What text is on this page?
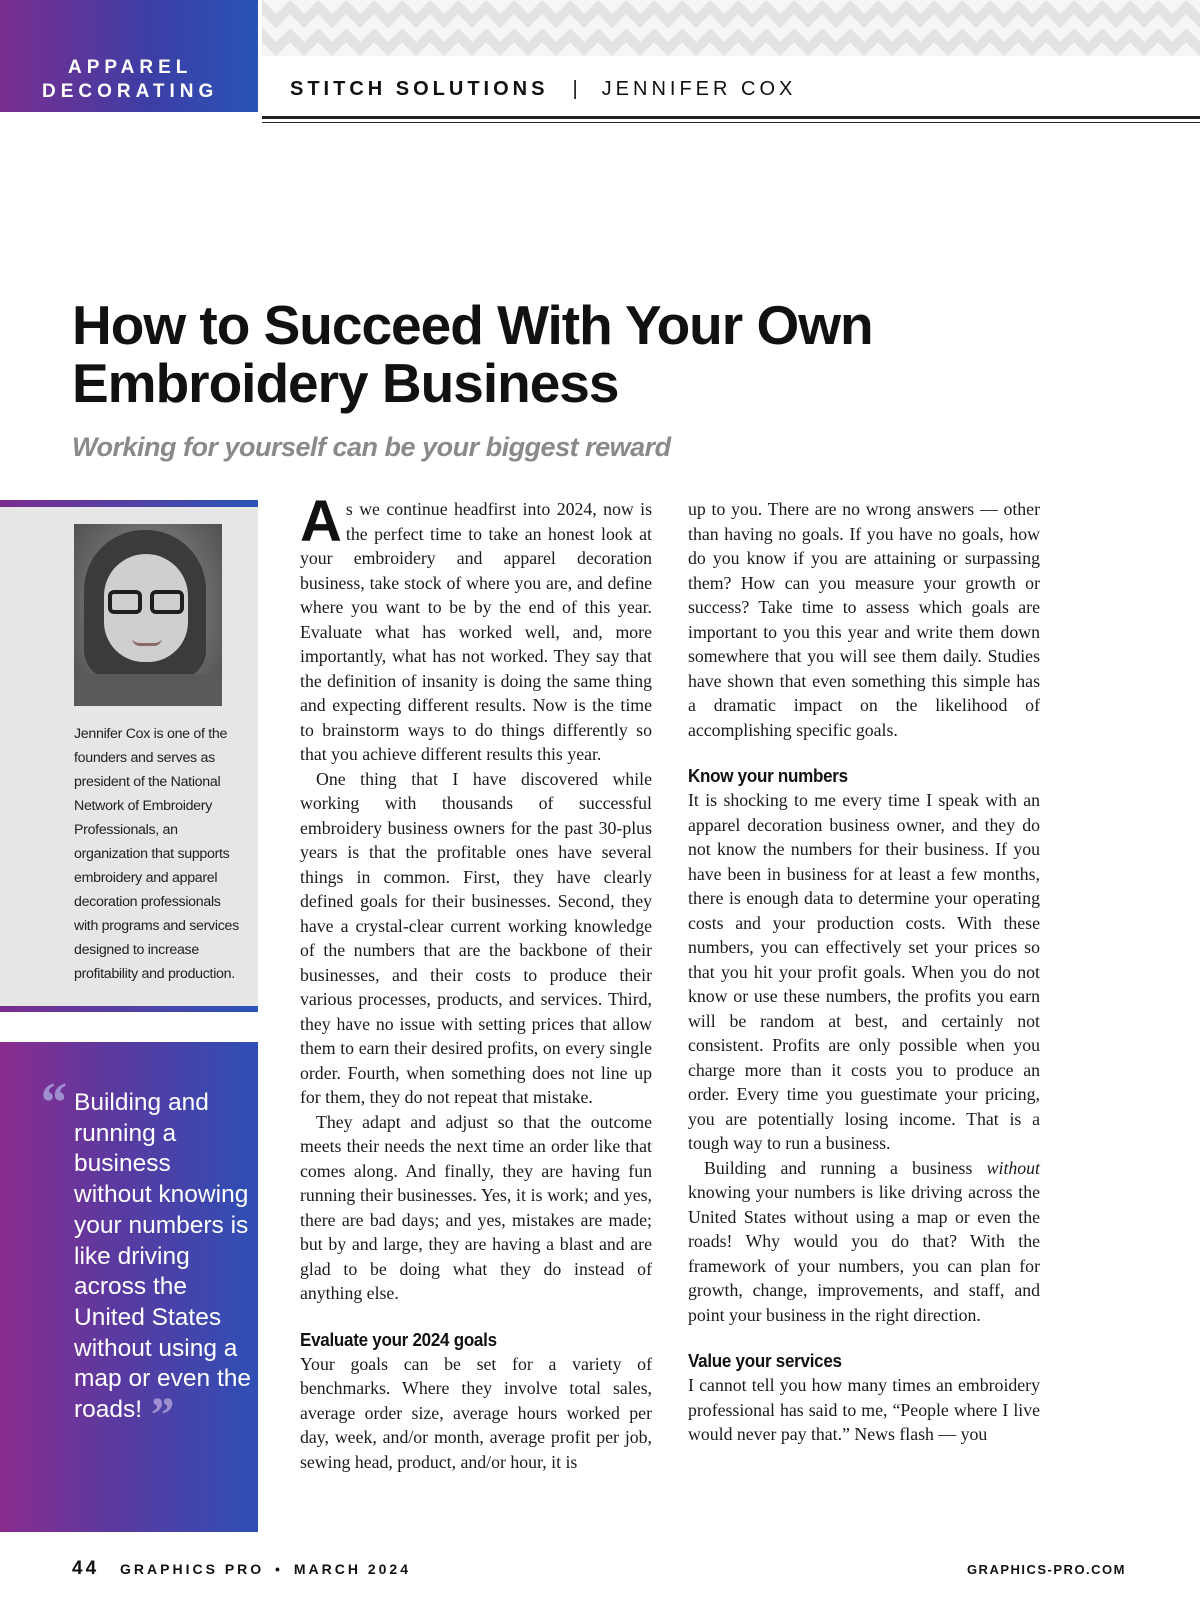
APPAREL
DECORATING	STITCH SOLUTIONS | JENNIFER COX
How to Succeed With Your Own
Embroidery Business
Working for yourself can be your biggest reward
Jennifer Cox is one of the founders and serves as president of the National Network of Embroidery Professionals, an organization that supports embroidery and apparel decoration professionals with programs and services designed to increase profitability and production.
“ Building and running a business without knowing your numbers is like driving across the United States without using a map or even the roads! ”

As we continue headfirst into 2024, now is the perfect time to take an honest look at your embroidery and apparel decoration business, take stock of where you are, and define where you want to be by the end of this year. Evaluate what has worked well, and, more importantly, what has not worked. They say that the definition of insanity is doing the same thing and expecting different results. Now is the time to brainstorm ways to do things differently so that you achieve different results this year.

One thing that I have discovered while working with thousands of successful embroidery business owners for the past 30-plus years is that the profitable ones have several things in common. First, they have clearly defined goals for their businesses. Second, they have a crystal-clear current working knowledge of the numbers that are the backbone of their businesses, and their costs to produce their various processes, products, and services. Third, they have no issue with setting prices that allow them to earn their desired profits, on every single order. Fourth, when something does not line up for them, they do not repeat that mistake.

They adapt and adjust so that the outcome meets their needs the next time an order like that comes along. And finally, they are having fun running their businesses. Yes, it is work; and yes, there are bad days; and yes, mistakes are made; but by and large, they are having a blast and are glad to be doing what they do instead of anything else.

Evaluate your 2024 goals

Your goals can be set for a variety of benchmarks. Where they involve total sales, average order size, average hours worked per day, week, and/or month, average profit per job, sewing head, product, and/or hour, it is

up to you. There are no wrong answers — other than having no goals. If you have no goals, how do you know if you are attaining or surpassing them? How can you measure your growth or success? Take time to assess which goals are important to you this year and write them down somewhere that you will see them daily. Studies have shown that even something this simple has a dramatic impact on the likelihood of accomplishing specific goals.

Know your numbers

It is shocking to me every time I speak with an apparel decoration business owner, and they do not know the numbers for their business. If you have been in business for at least a few months, there is enough data to determine your operating costs and your production costs. With these numbers, you can effectively set your prices so that you hit your profit goals. When you do not know or use these numbers, the profits you earn will be random at best, and certainly not consistent. Profits are only possible when you charge more than it costs you to produce an order. Every time you guestimate your pricing, you are potentially losing income. That is a tough way to run a business.

Building and running a business without knowing your numbers is like driving across the United States without using a map or even the roads! Why would you do that? With the framework of your numbers, you can plan for growth, change, improvements, and staff, and point your business in the right direction.

Value your services

I cannot tell you how many times an embroidery professional has said to me, “People where I live would never pay that.” News flash — you

44 GRAPHICS PRO • MARCH 2024	GRAPHICS-PRO.COM
